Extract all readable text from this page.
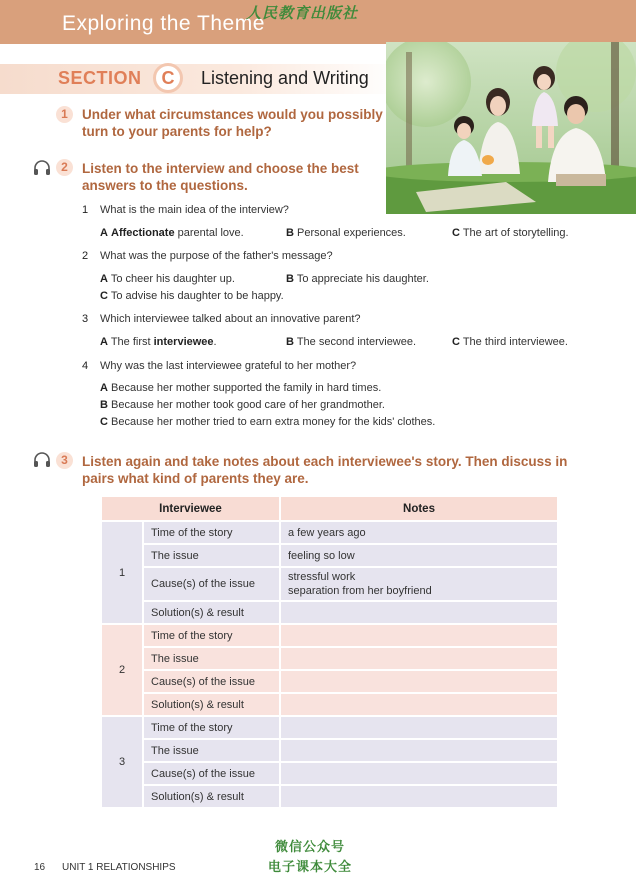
Exploring the Theme
人民教育出版社
SECTION	C	Listening and Writing
1	Under what circumstances would you possibly
turn to your parents for help?
2	Listen to the interview and choose the best
answers to the questions.
1 What is the main idea of the interview?
A Affectionate parental love.	B Personal experiences.	C The art of storytelling.
2 What was the purpose of the father's message?
A To cheer his daughter up.	B To appreciate his daughter.
C To advise his daughter to be happy.
3 Which interviewee talked about an innovative parent?
A The first interviewee.	B The second interviewee.	C The third interviewee.
4 Why was the last interviewee grateful to her mother?
A Because her mother supported the family in hard times.
B Because her mother took good care of her grandmother.
C Because her mother tried to earn extra money for the kids' clothes.
3	Listen again and take notes about each interviewee's story. Then discuss in
pairs what kind of parents they are.
Interviewee		Notes
1	Time of the story	a few years ago
	The issue	feeling so low
	Cause(s) of the issue	stressful work
separation from her boyfriend

	Solution(s) & result	
2	Time of the story	
	The issue	
	Cause(s) of the issue	
	Solution(s) & result	
3	Time of the story	
	The issue	
	Cause(s) of the issue	
	Solution(s) & result	
16 UNIT 1 RELATIONSHIPS
微信公众号
电子课本大全
